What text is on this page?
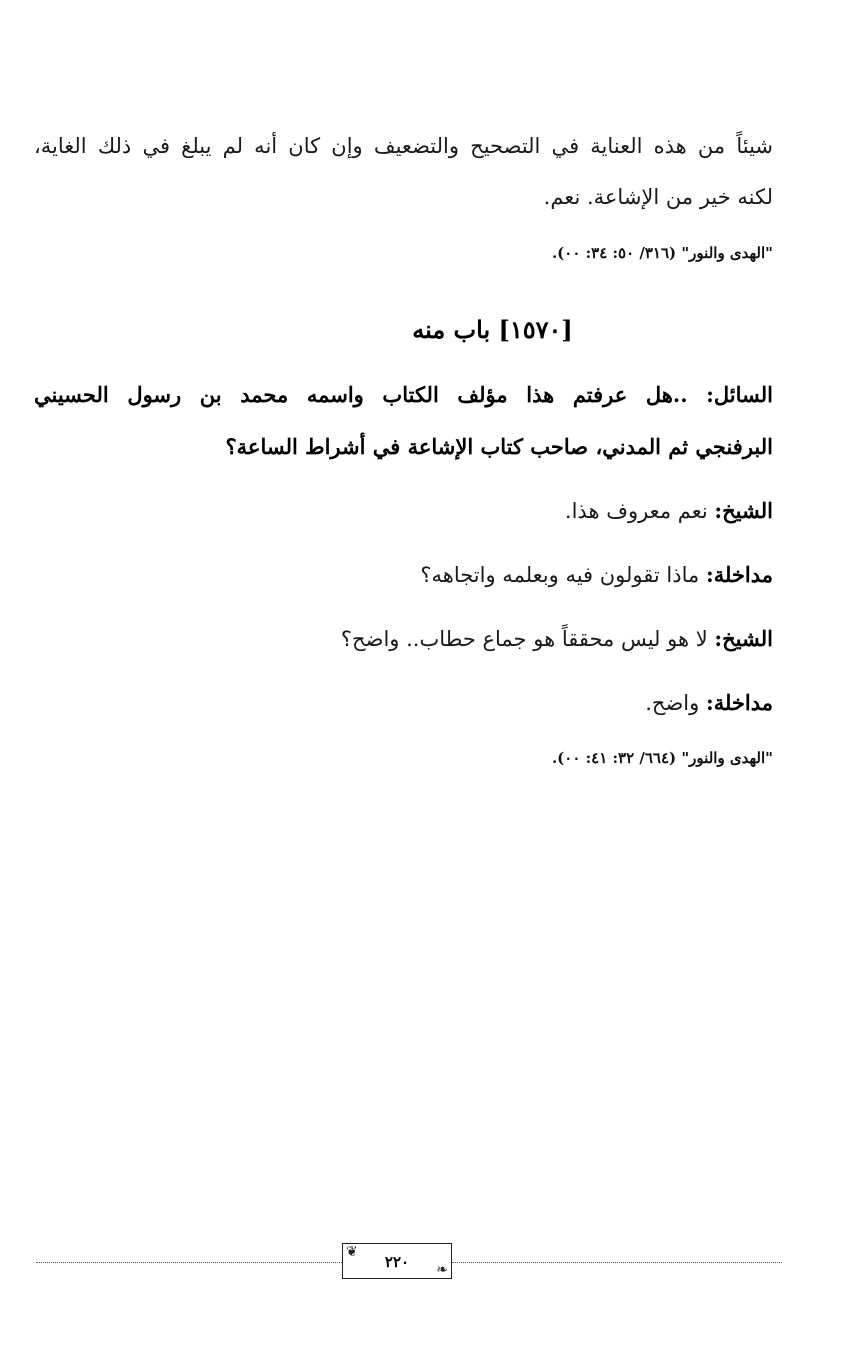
شيئاً من هذه العناية في التصحيح والتضعيف وإن كان أنه لم يبلغ في ذلك الغاية،
لكنه خير من الإشاعة. نعم.
"الهدى والنور" (٣١٦/ ٥٠: ٣٤: ٠٠).
[١٥٧٠] باب منه
السائل: ..هل عرفتم هذا مؤلف الكتاب واسمه محمد بن رسول الحسيني
البرفنجي ثم المدني، صاحب كتاب الإشاعة في أشراط الساعة؟
الشيخ: نعم معروف هذا.
مداخلة: ماذا تقولون فيه وبعلمه واتجاهه؟
الشيخ: لا هو ليس محققاً هو جماع حطاب.. واضح؟
مداخلة: واضح.
"الهدى والنور" (٦٦٤/ ٣٢: ٤١: ٠٠).
❦
٢٢٠	❧
